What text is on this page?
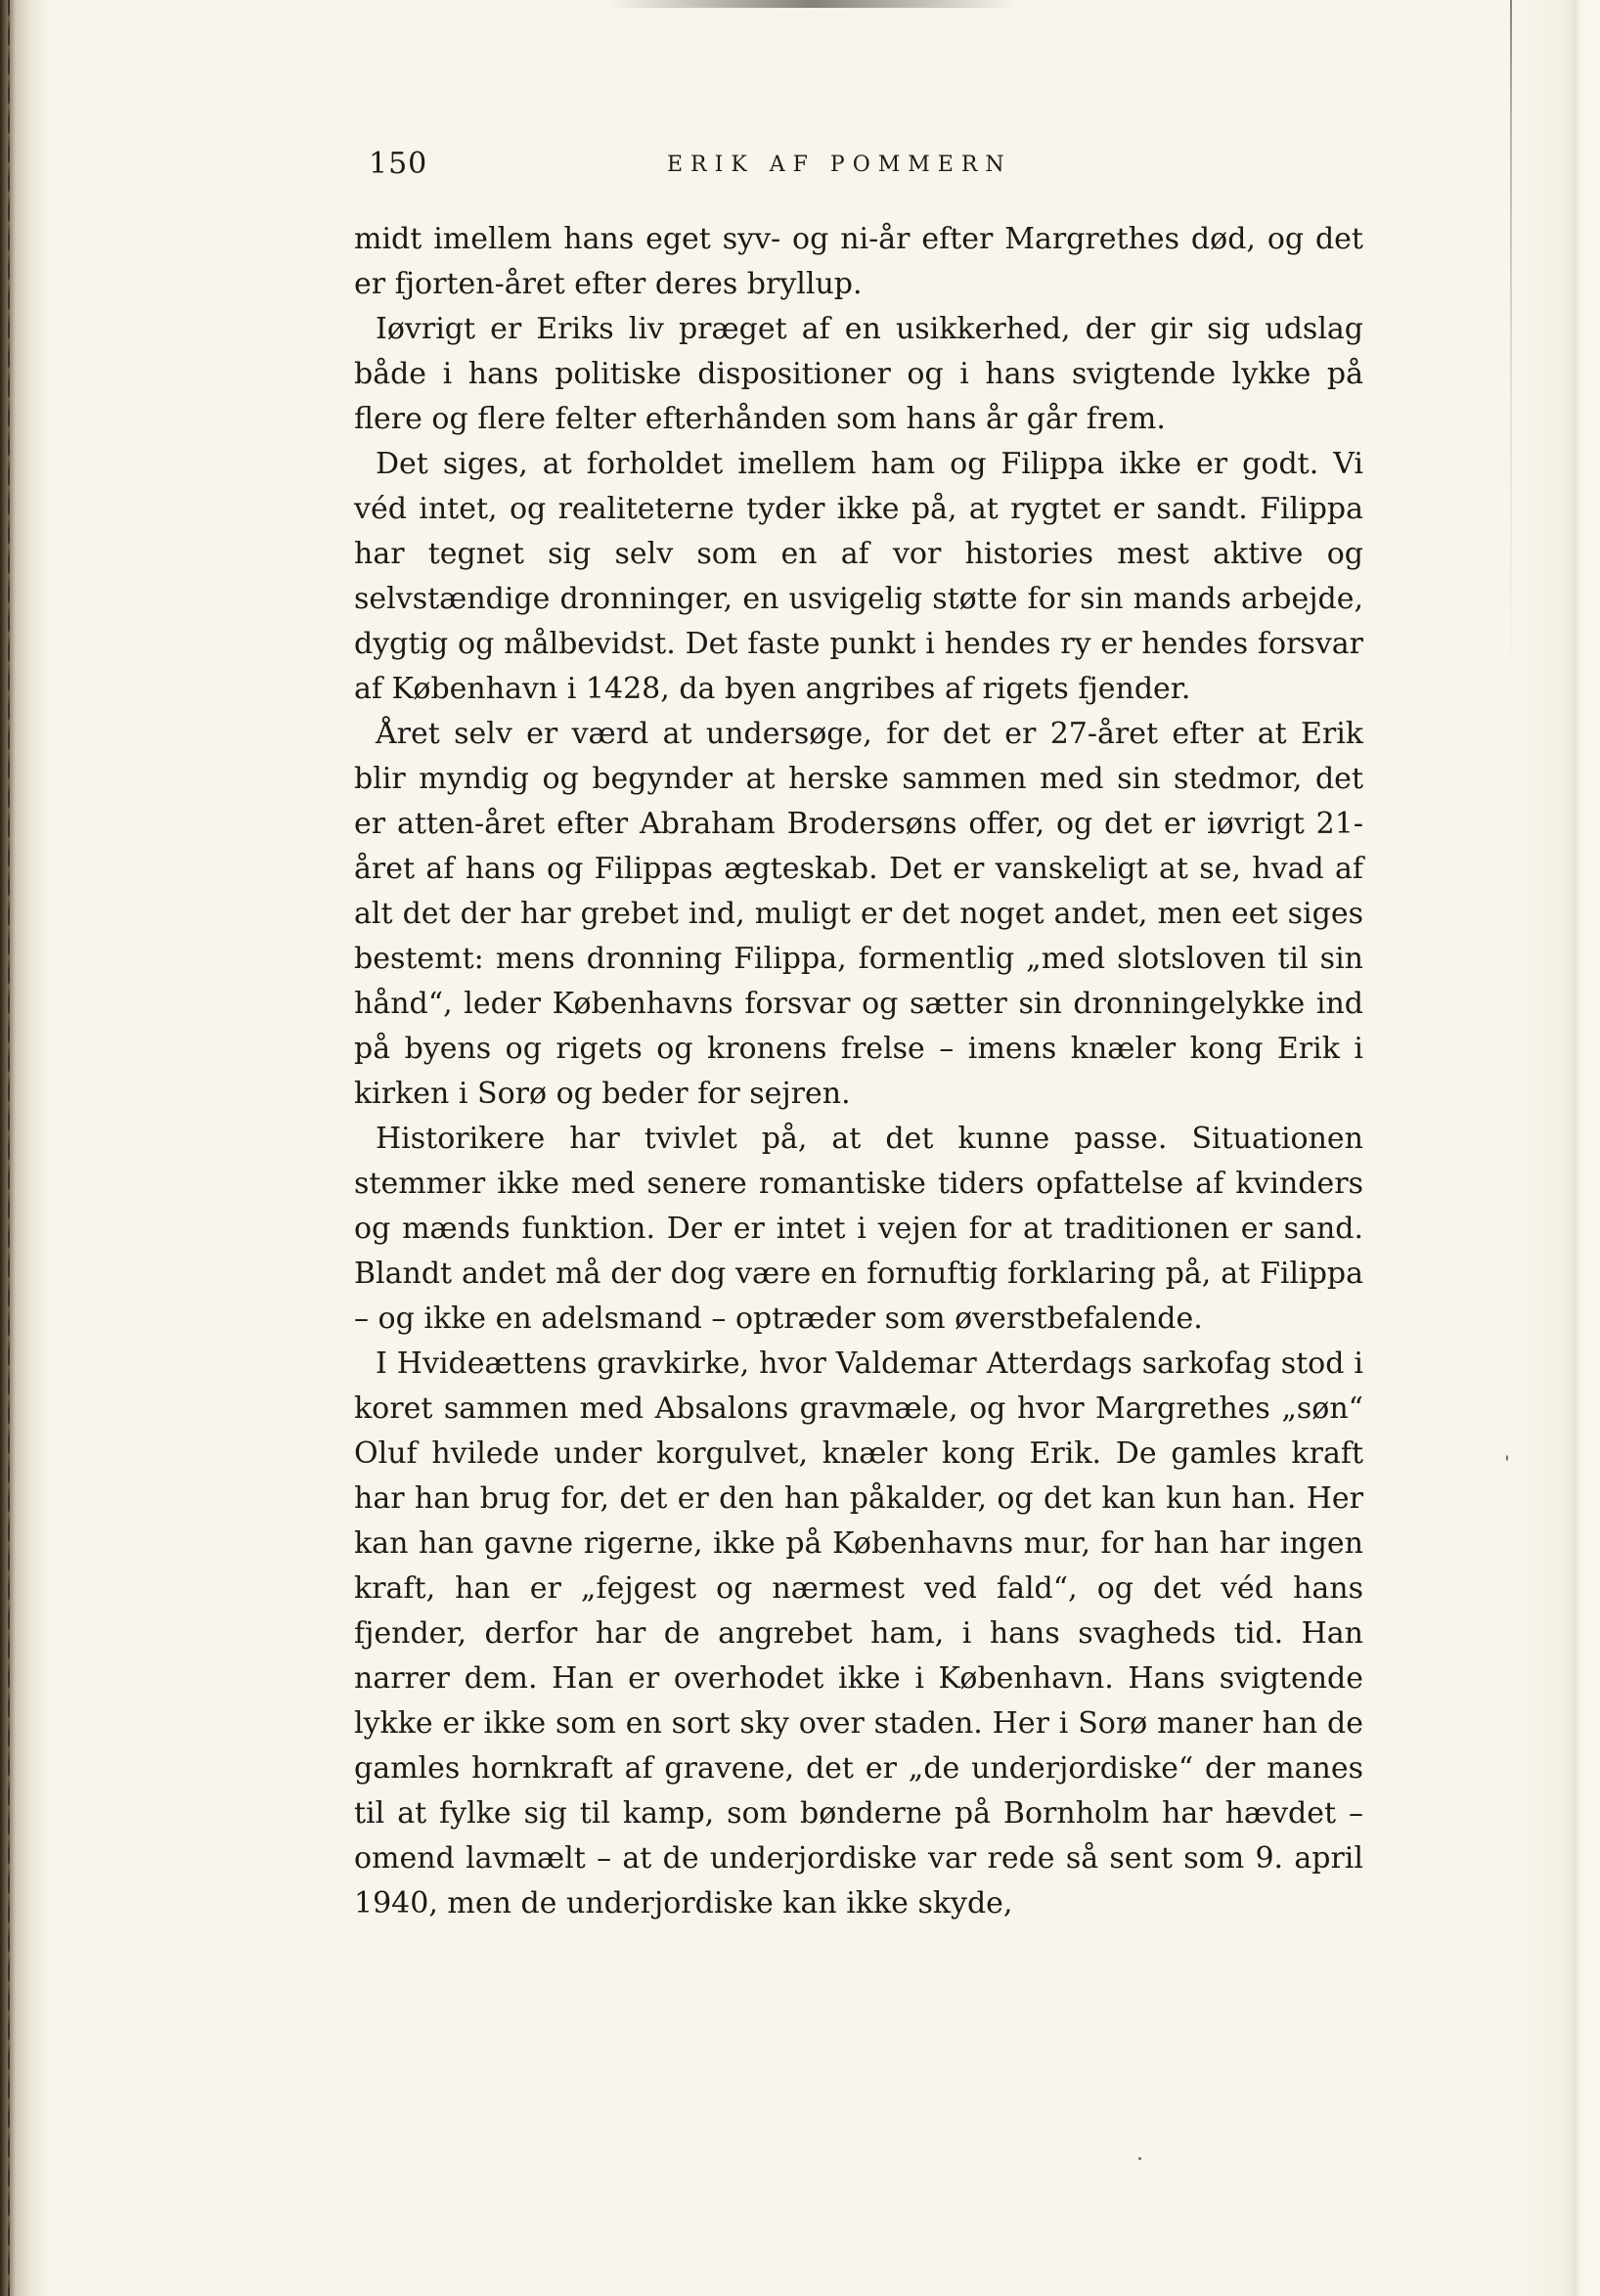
150	ERIK AF POMMERN

midt imellem hans eget syv- og ni-år efter Margrethes død, og det er fjorten-året efter deres bryllup.

Iøvrigt er Eriks liv præget af en usikkerhed, der gir sig udslag både i hans politiske dispositioner og i hans svigtende lykke på flere og flere felter efterhånden som hans år går frem.

Det siges, at forholdet imellem ham og Filippa ikke er godt. Vi véd intet, og realiteterne tyder ikke på, at rygtet er sandt. Filippa har tegnet sig selv som en af vor histories mest aktive og selvstændige dronninger, en usvigelig støtte for sin mands arbejde, dygtig og målbevidst. Det faste punkt i hendes ry er hendes forsvar af København i 1428, da byen angribes af rigets fjender.

Året selv er værd at undersøge, for det er 27-året efter at Erik blir myndig og begynder at herske sammen med sin stedmor, det er atten-året efter Abraham Brodersøns offer, og det er iøvrigt 21-året af hans og Filippas ægteskab. Det er vanskeligt at se, hvad af alt det der har grebet ind, muligt er det noget andet, men eet siges bestemt: mens dronning Filippa, formentlig „med slotsloven til sin hånd“, leder Københavns forsvar og sætter sin dronningelykke ind på byens og rigets og kronens frelse – imens knæler kong Erik i kirken i Sorø og beder for sejren.

Historikere har tvivlet på, at det kunne passe. Situationen stemmer ikke med senere romantiske tiders opfattelse af kvinders og mænds funktion. Der er intet i vejen for at traditionen er sand. Blandt andet må der dog være en fornuftig forklaring på, at Filippa – og ikke en adelsmand – optræder som øverstbefalende.

I Hvideættens gravkirke, hvor Valdemar Atterdags sarkofag stod i koret sammen med Absalons gravmæle, og hvor Margrethes „søn“ Oluf hvilede under korgulvet, knæler kong Erik. De gamles kraft har han brug for, det er den han påkalder, og det kan kun han. Her kan han gavne rigerne, ikke på Københavns mur, for han har ingen kraft, han er „fejgest og nærmest ved fald“, og det véd hans fjender, derfor har de angrebet ham, i hans svagheds tid. Han narrer dem. Han er overhodet ikke i København. Hans svigtende lykke er ikke som en sort sky over staden. Her i Sorø maner han de gamles hornkraft af gravene, det er „de underjordiske“ der manes til at fylke sig til kamp, som bønderne på Bornholm har hævdet – omend lavmælt – at de underjordiske var rede så sent som 9. april 1940, men de underjordiske kan ikke skyde,
